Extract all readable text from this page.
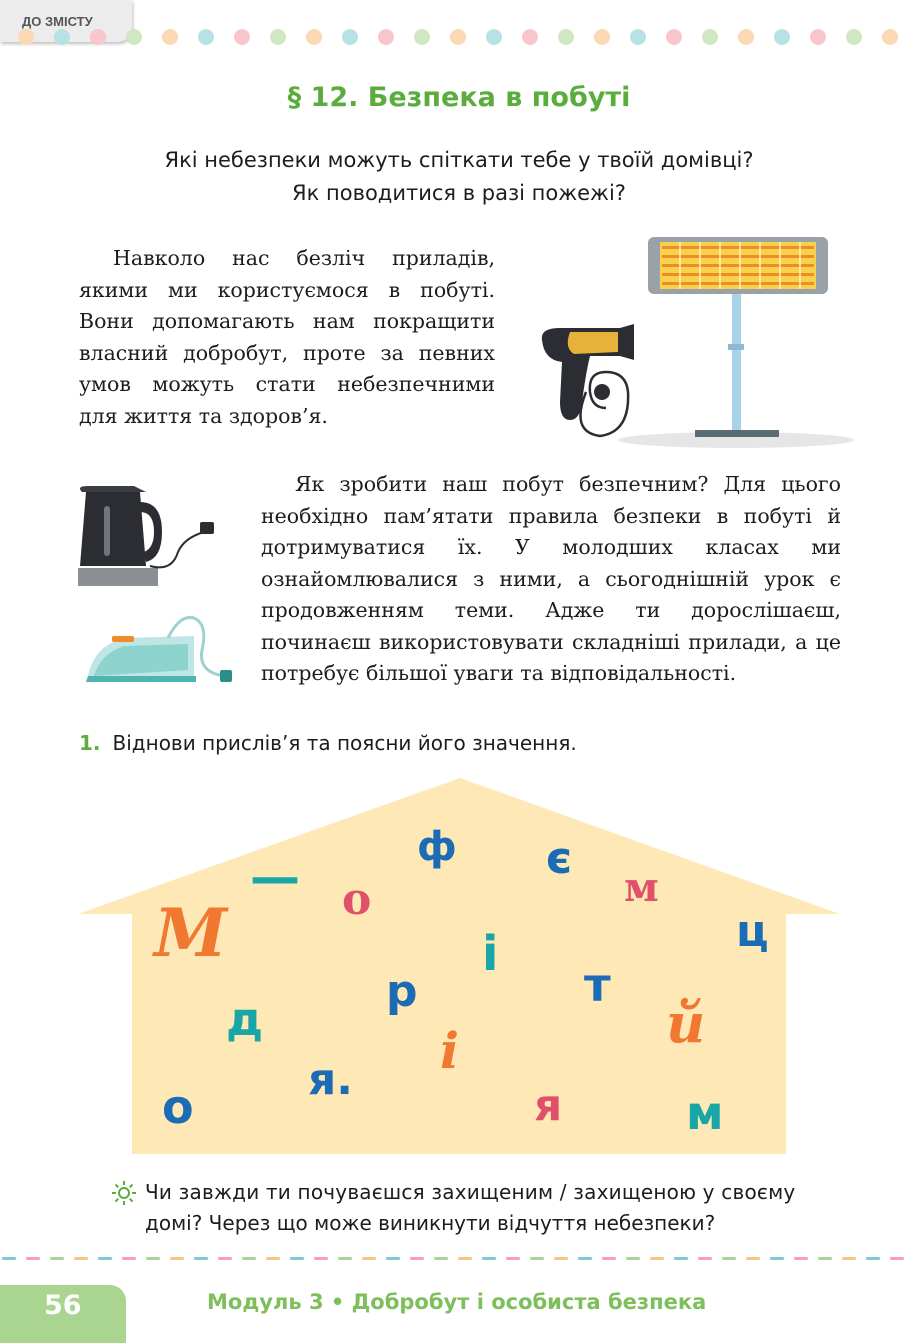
ДО ЗМІСТУ
§ 12. Безпека в побуті
Які небезпеки можуть спіткати тебе у твоїй домівці?
Як поводитися в разі пожежі?
Навколо нас безліч приладів, якими ми користуємося в побуті. Вони допомагають нам покращити власний добробут, проте за певних умов можуть стати небезпечними для життя та здоров’я.
Як зробити наш побут безпечним? Для цього необхідно пам’ятати правила безпеки в побуті й дотримуватися їх. У молодших класах ми ознайомлювалися з ними, а сьогоднішній урок є продовженням теми. Адже ти дорослішаєш, починаєш використовувати складніші прилади, а це потребує більшої уваги та відповідальності.
1. Віднови прислів’я та поясни його значення.
—
ф є
о	м
М	ц
і
р	т
д	й
і
я.
о	я	м
Чи завжди ти почуваєшся захищеним / захищеною у своєму
домі? Через що може виникнути відчуття небезпеки?
56	Модуль 3 • Добробут і особиста безпека
